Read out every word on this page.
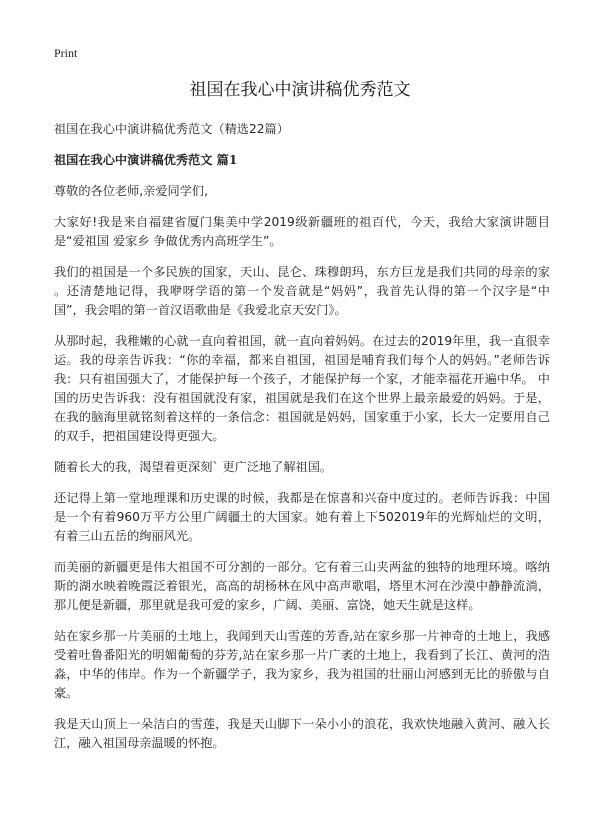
Print
祖国在我心中演讲稿优秀范文

祖国在我心中演讲稿优秀范文（精选22篇）

祖国在我心中演讲稿优秀范文 篇1

尊敬的各位老师,亲爱同学们,

大家好!我是来自福建省厦门集美中学2019级新疆班的祖百代，今天，我给大家演讲题目是“爱祖国 爱家乡 争做优秀内高班学生”。

我们的祖国是一个多民族的国家，天山、昆仑、珠穆朗玛，东方巨龙是我们共同的母亲的家 。还清楚地记得，我咿呀学语的第一个发音就是“妈妈”，我首先认得的第一个汉字是“中国”，我会唱的第一首汉语歌曲是《我爱北京天安门》。

从那时起，我稚嫩的心就一直向着祖国，就一直向着妈妈。在过去的2019年里，我一直很幸运。我的母亲告诉我：“你的幸福，都来自祖国，祖国是哺育我们每个人的妈妈。”老师告诉我：只有祖国强大了，才能保护每一个孩子，才能保护每一个家，才能幸福花开遍中华。 中国的历史告诉我：没有祖国就没有家，祖国就是我们在这个世界上最亲最爱的妈妈。于是，在我的脑海里就铭刻着这样的一条信念：祖国就是妈妈，国家重于小家，长大一定要用自己的双手，把祖国建设得更强大。

随着长大的我，渴望着更深刻` 更广泛地了解祖国。

还记得上第一堂地理课和历史课的时候，我都是在惊喜和兴奋中度过的。老师告诉我：中国是一个有着960万平方公里广阔疆土的大国家。她有着上下502019年的光辉灿烂的文明，有着三山五岳的绚丽风光。

而美丽的新疆更是伟大祖国不可分割的一部分。它有着三山夹两盆的独特的地理环境。喀纳斯的湖水映着晚霞泛着银光，高高的胡杨林在风中高声歌唱，塔里木河在沙漠中静静流淌，那儿便是新疆，那里就是我可爱的家乡，广阔、美丽、富饶，她天生就是这样。

站在家乡那一片美丽的土地上，我闻到天山雪莲的芳香,站在家乡那一片神奇的土地上，我感受着吐鲁番阳光的明媚葡萄的芬芳,站在家乡那一片广袤的土地上，我看到了长江、黄河的浩淼，中华的伟岸。作为一个新疆学子，我为家乡，我为祖国的壮丽山河感到无比的骄傲与自豪。

我是天山顶上一朵洁白的雪莲，我是天山脚下一朵小小的浪花，我欢快地融入黄河、融入长江，融入祖国母亲温暖的怀抱。
